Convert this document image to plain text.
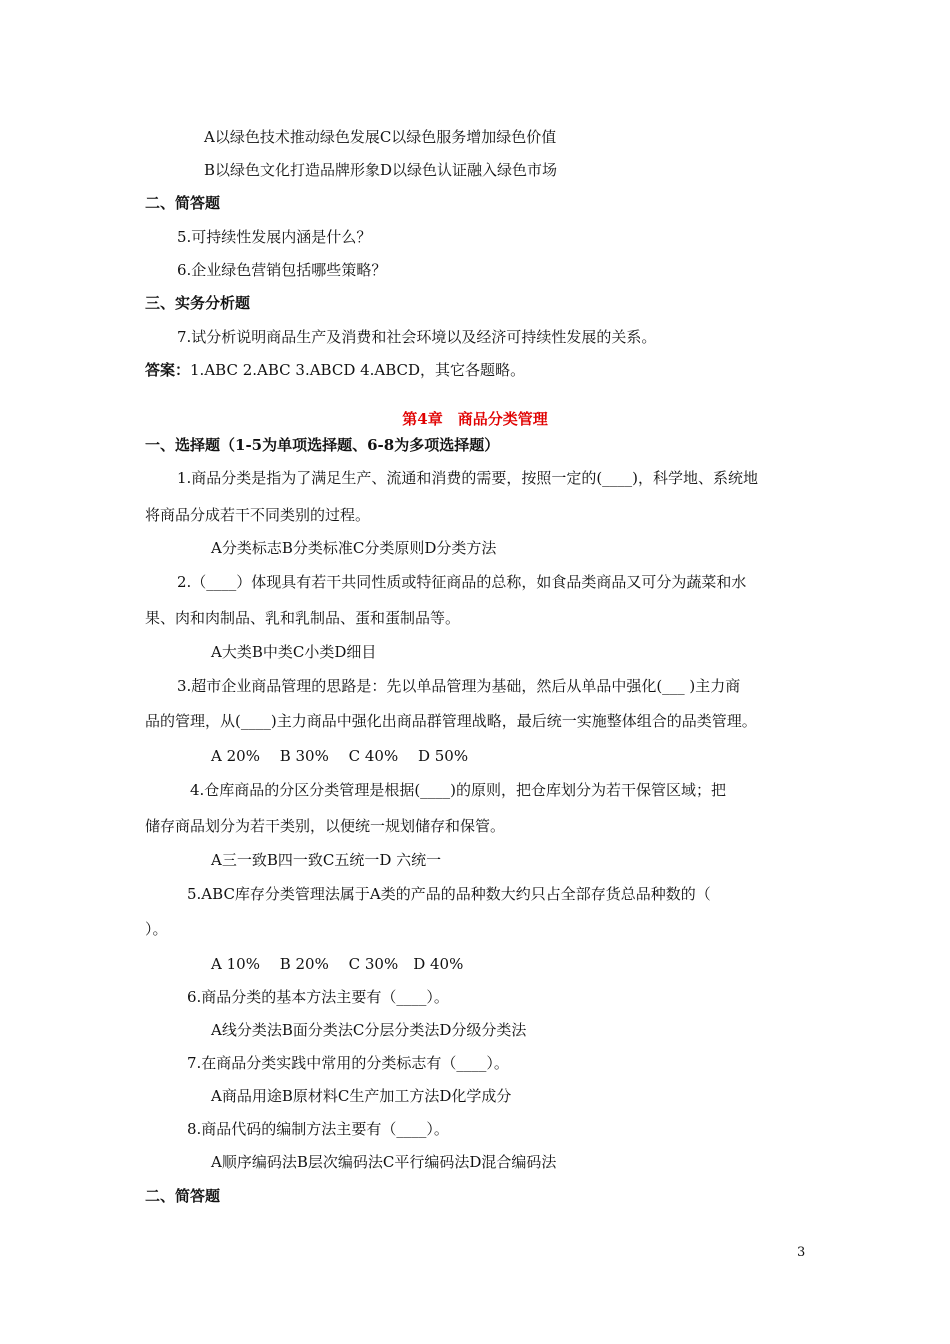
A以绿色技术推动绿色发展C以绿色服务增加绿色价值
B以绿色文化打造品牌形象D以绿色认证融入绿色市场
二、简答题
5.可持续性发展内涵是什么？
6.企业绿色营销包括哪些策略？
三、实务分析题
7.试分析说明商品生产及消费和社会环境以及经济可持续性发展的关系。
答案：1.ABC 2.ABC 3.ABCD 4.ABCD，其它各题略。
第4章　商品分类管理
一、选择题（1-5为单项选择题、6-8为多项选择题）
1.商品分类是指为了满足生产、流通和消费的需要，按照一定的(____)，科学地、系统地
将商品分成若干不同类别的过程。
A分类标志B分类标准C分类原则D分类方法
2.（____）体现具有若干共同性质或特征商品的总称，如食品类商品又可分为蔬菜和水
果、肉和肉制品、乳和乳制品、蛋和蛋制品等。
A大类B中类C小类D细目
3.超市企业商品管理的思路是：先以单品管理为基础，然后从单品中强化(___ )主力商
品的管理，从(____)主力商品中强化出商品群管理战略，最后统一实施整体组合的品类管理。
A 20%　 B 30%　 C 40%　 D 50%
4.仓库商品的分区分类管理是根据(____)的原则，把仓库划分为若干保管区域；把
储存商品划分为若干类别，以便统一规划储存和保管。
A三一致B四一致C五统一D 六统一
5.ABC库存分类管理法属于A类的产品的品种数大约只占全部存货总品种数的（
）。
A 10%　 B 20%　 C 30%　D 40%
6.商品分类的基本方法主要有（____）。
A线分类法B面分类法C分层分类法D分级分类法
7.在商品分类实践中常用的分类标志有（____）。
A商品用途B原材料C生产加工方法D化学成分
8.商品代码的编制方法主要有（____）。
A顺序编码法B层次编码法C平行编码法D混合编码法
二、简答题
3
